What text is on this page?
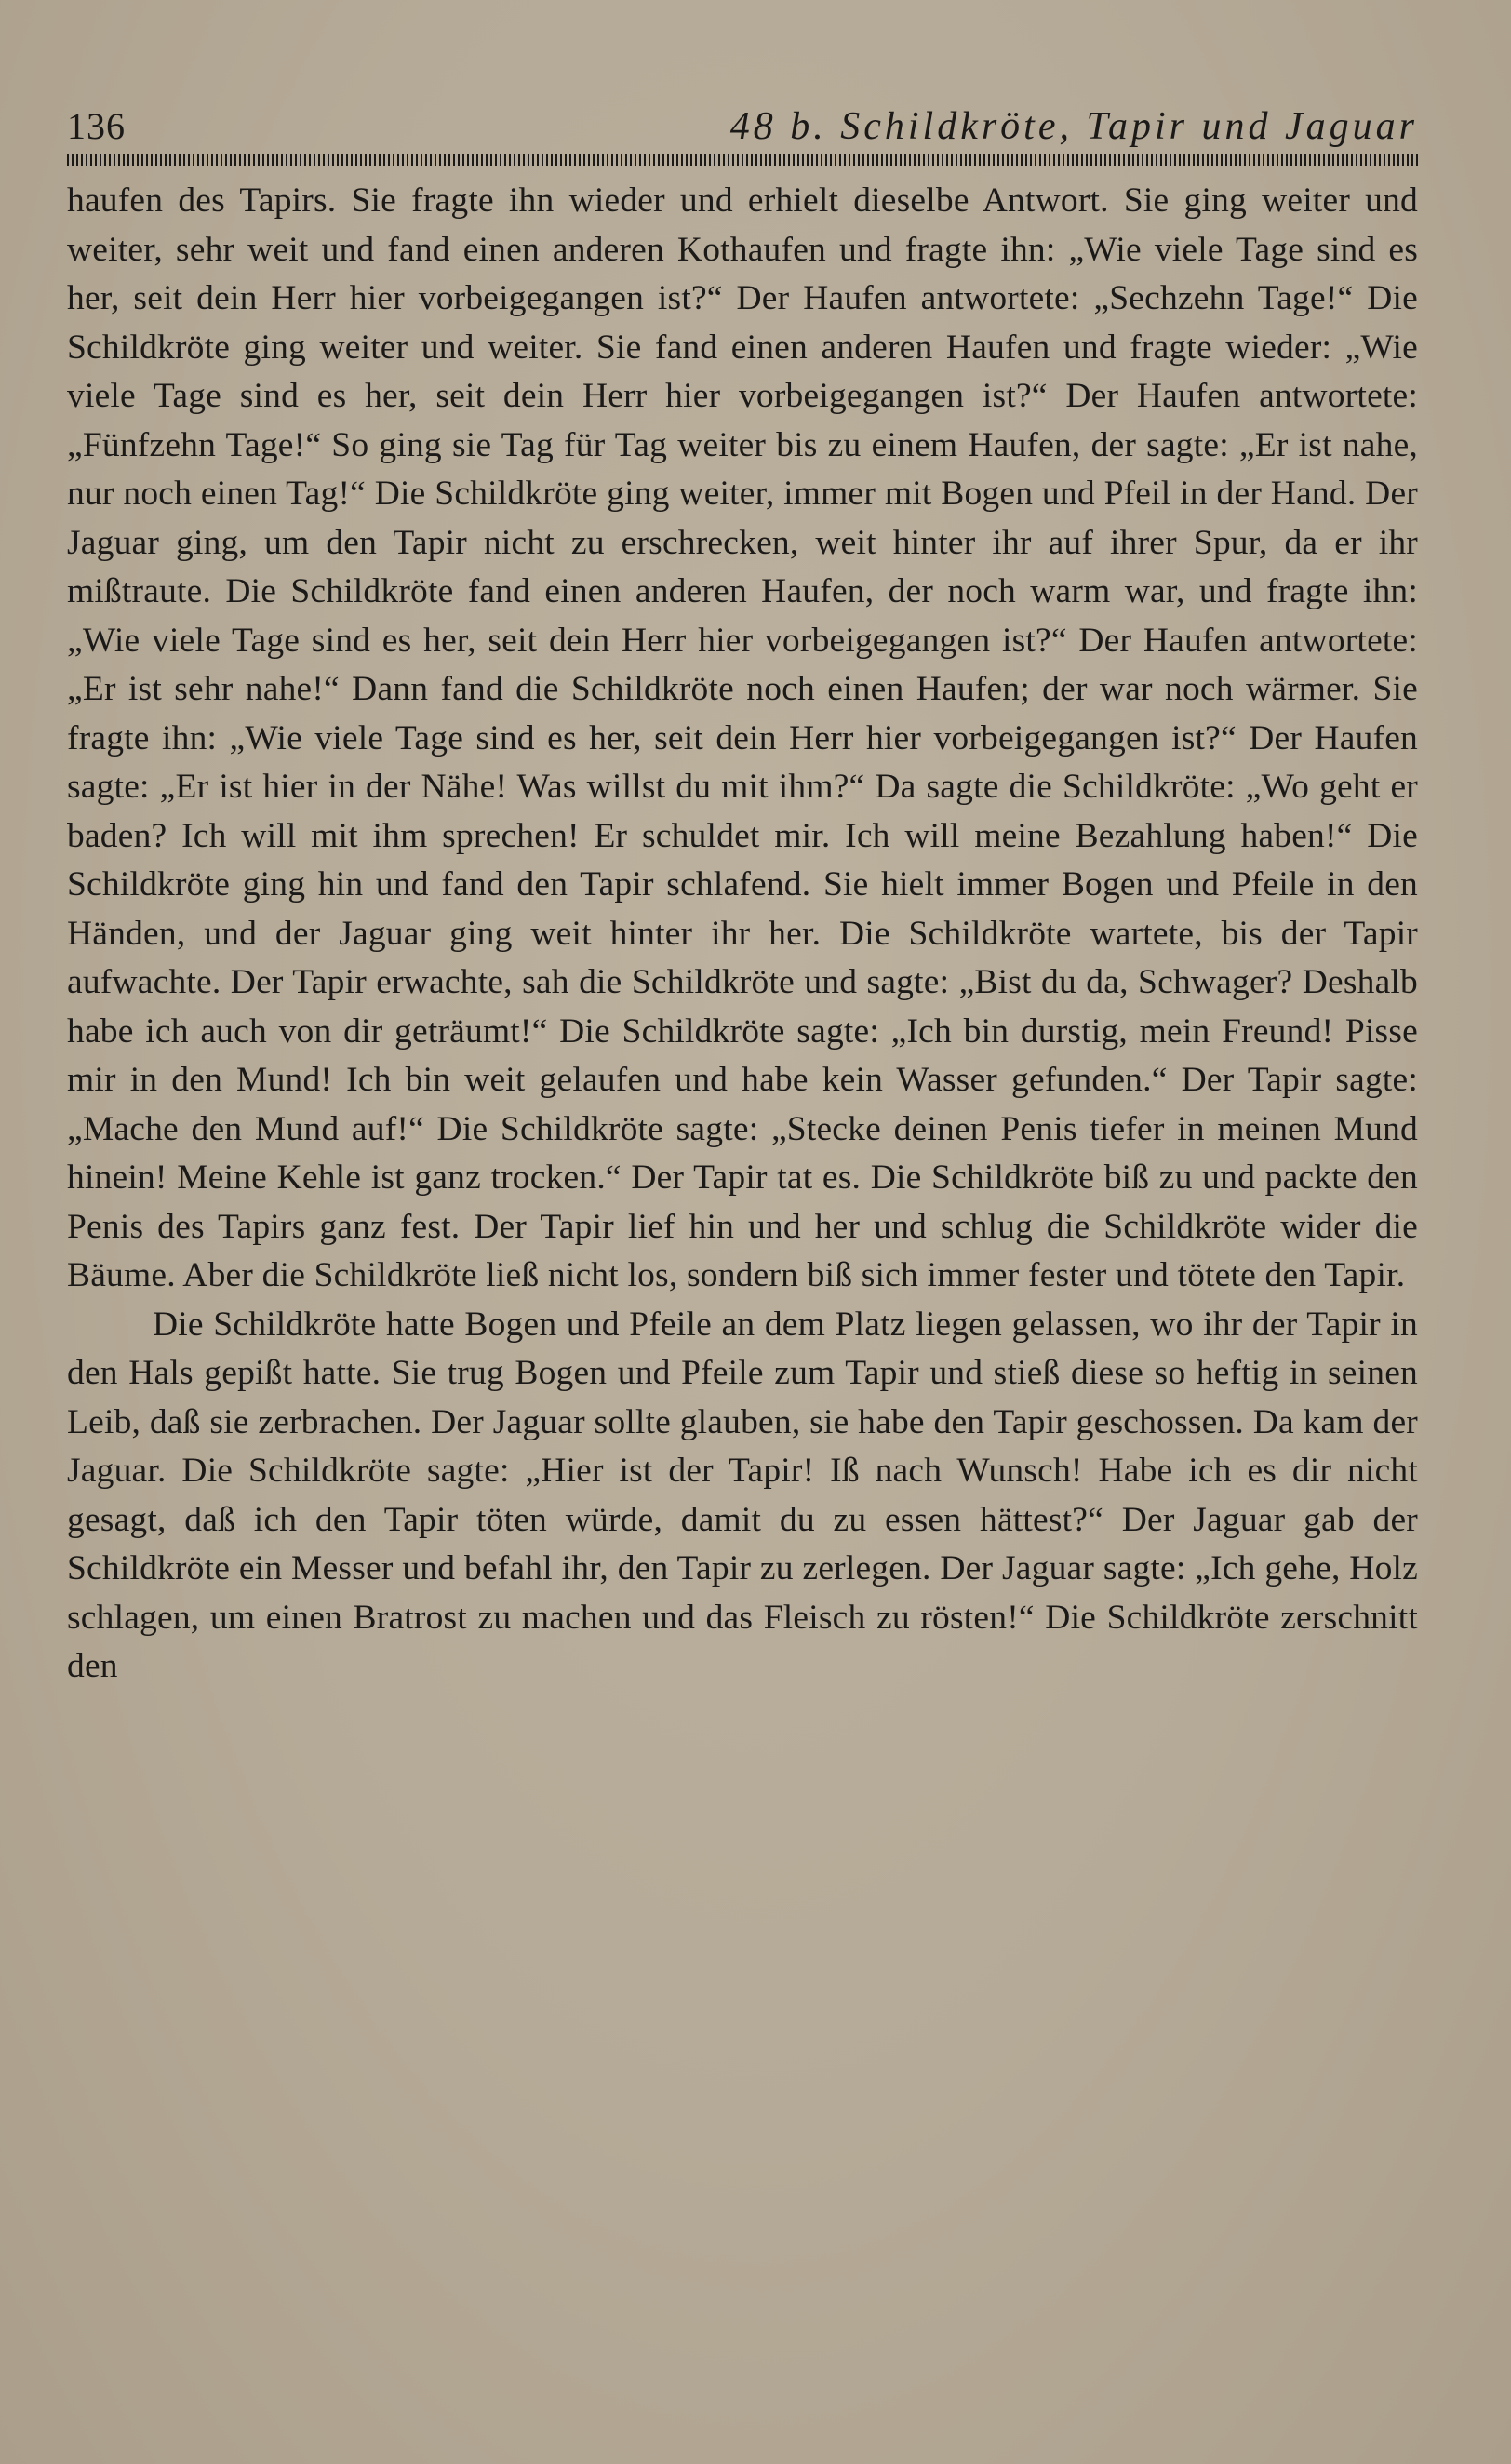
136	48 b. Schildkröte, Tapir und Jaguar

haufen des Tapirs. Sie fragte ihn wieder und erhielt dieselbe Antwort. Sie ging weiter und weiter, sehr weit und fand einen anderen Kothaufen und fragte ihn: „Wie viele Tage sind es her, seit dein Herr hier vorbeigegangen ist?“ Der Haufen antwortete: „Sechzehn Tage!“ Die Schildkröte ging weiter und weiter. Sie fand einen anderen Haufen und fragte wieder: „Wie viele Tage sind es her, seit dein Herr hier vorbeigegangen ist?“ Der Haufen antwortete: „Fünfzehn Tage!“ So ging sie Tag für Tag weiter bis zu einem Haufen, der sagte: „Er ist nahe, nur noch einen Tag!“ Die Schildkröte ging weiter, immer mit Bogen und Pfeil in der Hand. Der Jaguar ging, um den Tapir nicht zu erschrecken, weit hinter ihr auf ihrer Spur, da er ihr mißtraute. Die Schildkröte fand einen anderen Haufen, der noch warm war, und fragte ihn: „Wie viele Tage sind es her, seit dein Herr hier vorbeigegangen ist?“ Der Haufen antwortete: „Er ist sehr nahe!“ Dann fand die Schildkröte noch einen Haufen; der war noch wärmer. Sie fragte ihn: „Wie viele Tage sind es her, seit dein Herr hier vorbeigegangen ist?“ Der Haufen sagte: „Er ist hier in der Nähe! Was willst du mit ihm?“ Da sagte die Schildkröte: „Wo geht er baden? Ich will mit ihm sprechen! Er schuldet mir. Ich will meine Bezahlung haben!“ Die Schildkröte ging hin und fand den Tapir schlafend. Sie hielt immer Bogen und Pfeile in den Händen, und der Jaguar ging weit hinter ihr her. Die Schildkröte wartete, bis der Tapir aufwachte. Der Tapir erwachte, sah die Schildkröte und sagte: „Bist du da, Schwager? Deshalb habe ich auch von dir geträumt!“ Die Schildkröte sagte: „Ich bin durstig, mein Freund! Pisse mir in den Mund! Ich bin weit gelaufen und habe kein Wasser gefunden.“ Der Tapir sagte: „Mache den Mund auf!“ Die Schildkröte sagte: „Stecke deinen Penis tiefer in meinen Mund hinein! Meine Kehle ist ganz trocken.“ Der Tapir tat es. Die Schildkröte biß zu und packte den Penis des Tapirs ganz fest. Der Tapir lief hin und her und schlug die Schildkröte wider die Bäume. Aber die Schildkröte ließ nicht los, sondern biß sich immer fester und tötete den Tapir.

Die Schildkröte hatte Bogen und Pfeile an dem Platz liegen gelassen, wo ihr der Tapir in den Hals gepißt hatte. Sie trug Bogen und Pfeile zum Tapir und stieß diese so heftig in seinen Leib, daß sie zerbrachen. Der Jaguar sollte glauben, sie habe den Tapir geschossen. Da kam der Jaguar. Die Schildkröte sagte: „Hier ist der Tapir! Iß nach Wunsch! Habe ich es dir nicht gesagt, daß ich den Tapir töten würde, damit du zu essen hättest?“ Der Jaguar gab der Schildkröte ein Messer und befahl ihr, den Tapir zu zerlegen. Der Jaguar sagte: „Ich gehe, Holz schlagen, um einen Bratrost zu machen und das Fleisch zu rösten!“ Die Schildkröte zerschnitt den
